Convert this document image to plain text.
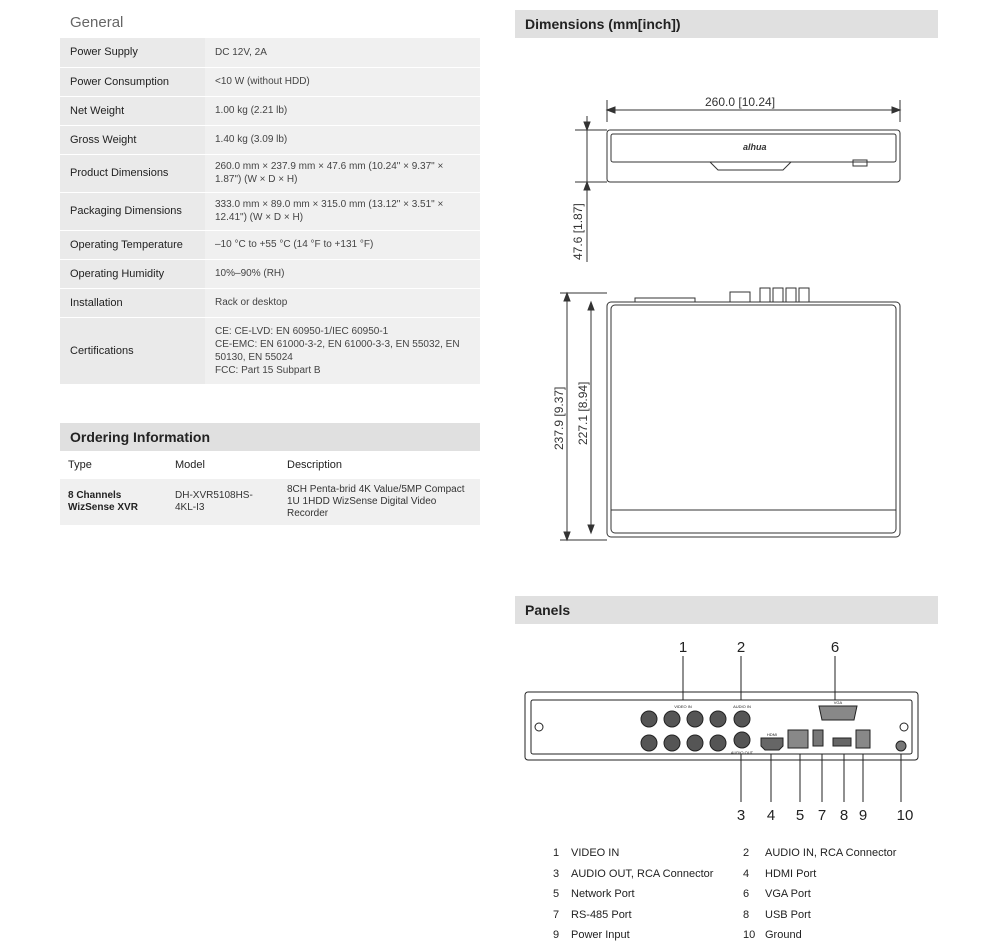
General
Power Supply	DC 12V, 2A
Power Consumption	<10 W (without HDD)
Net Weight	1.00 kg (2.21 lb)
Gross Weight	1.40 kg (3.09 lb)
Product Dimensions	260.0 mm × 237.9 mm × 47.6 mm (10.24" × 9.37" × 1.87") (W × D × H)
Packaging Dimensions	333.0 mm × 89.0 mm × 315.0 mm (13.12" × 3.51" × 12.41") (W × D × H)
Operating Temperature	–10 °C to +55 °C (14 °F to +131 °F)
Operating Humidity	10%–90% (RH)
Installation	Rack or desktop
Certifications	CE: CE-LVD: EN 60950-1/IEC 60950-1
CE-EMC: EN 61000-3-2, EN 61000-3-3, EN 55032, EN 50130, EN 55024
FCC: Part 15 Subpart B
Ordering Information
Type	Model	Description
8 Channels WizSense XVR	DH-XVR5108HS-4KL-I3	8CH Penta-brid 4K Value/5MP Compact 1U 1HDD WizSense Digital Video Recorder
Dimensions (mm[inch])
260.0 [10.24]
47.6 [1.87]
237.9 [9.37] 227.1 [8.94]
alhua
Panels
1	2	6
3 4 5 7 8 9 10
VIDEO IN	AUDIO IN
AUDIO OUT
HDMI
VGA
1	VIDEO IN	2	AUDIO IN, RCA Connector
3	AUDIO OUT, RCA Connector	4	HDMI Port
5	Network Port	6	VGA Port
7	RS-485 Port	8	USB Port
9	Power Input	10 Ground
